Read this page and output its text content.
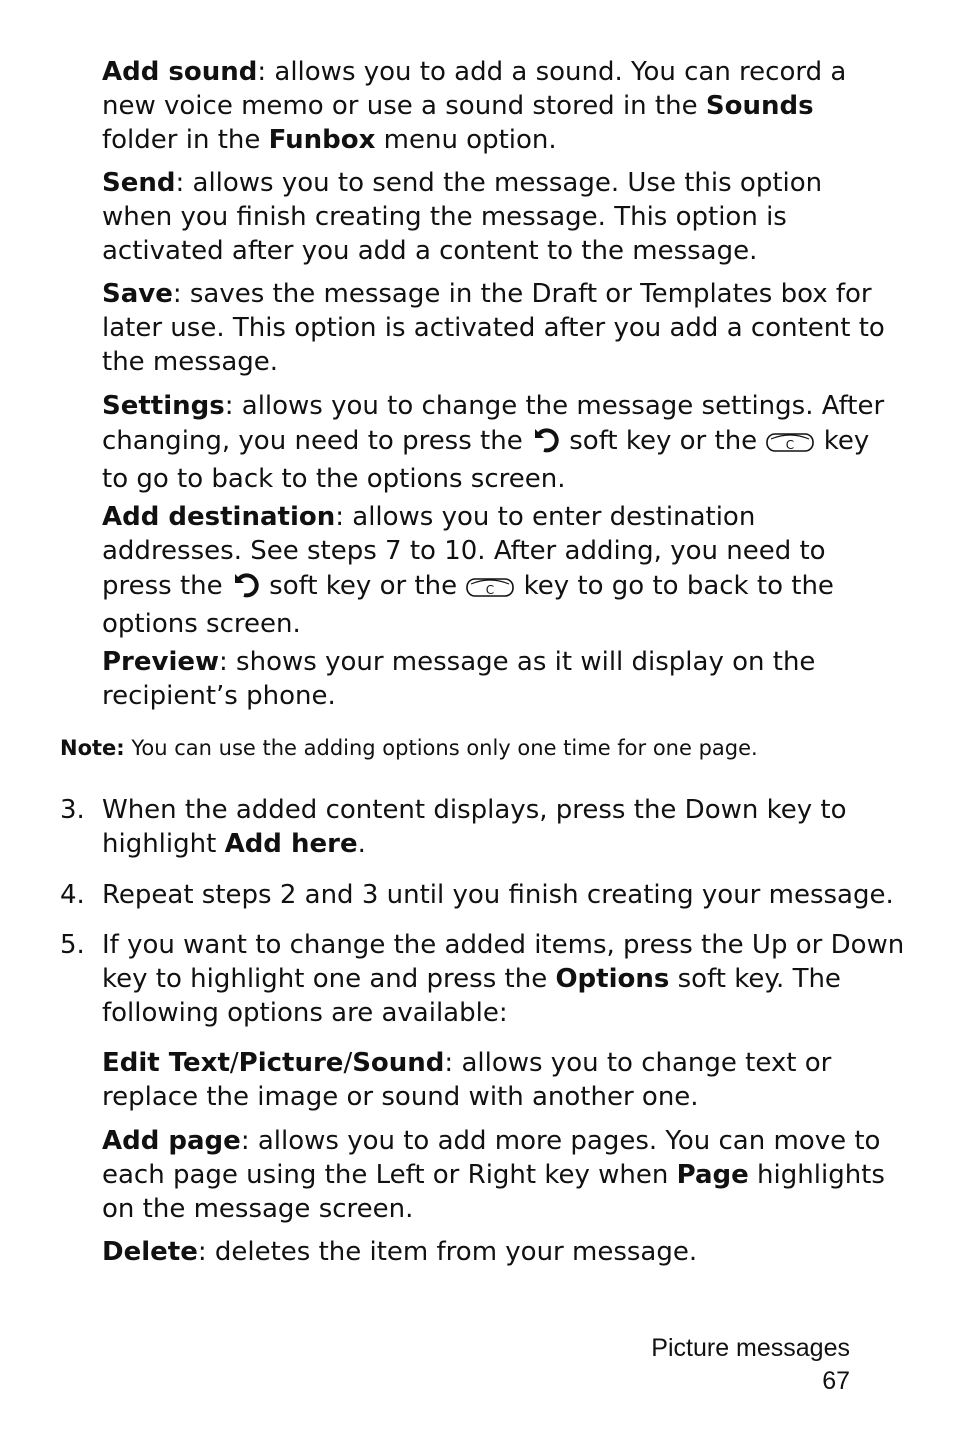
Add sound: allows you to add a sound. You can record a new voice memo or use a sound stored in the Sounds folder in the Funbox menu option.

Send: allows you to send the message. Use this option when you finish creating the message. This option is activated after you add a content to the message.

Save: saves the message in the Draft or Templates box for later use. This option is activated after you add a content to the message.

Settings: allows you to change the message settings. After changing, you need to press the  soft key or the C key to go to back to the options screen.

Add destination: allows you to enter destination addresses. See steps 7 to 10. After adding, you need to press the  soft key or the C key to go to back to the options screen.

Preview: shows your message as it will display on the recipient’s phone.

Note: You can use the adding options only one time for one page.

3. When the added content displays, press the Down key to highlight Add here.
4. Repeat steps 2 and 3 until you finish creating your message.
5. If you want to change the added items, press the Up or Down key to highlight one and press the Options soft key. The following options are available:

Edit Text/Picture/Sound: allows you to change text or replace the image or sound with another one.

Add page: allows you to add more pages. You can move to each page using the Left or Right key when Page highlights on the message screen.

Delete: deletes the item from your message.

Picture messages
67
